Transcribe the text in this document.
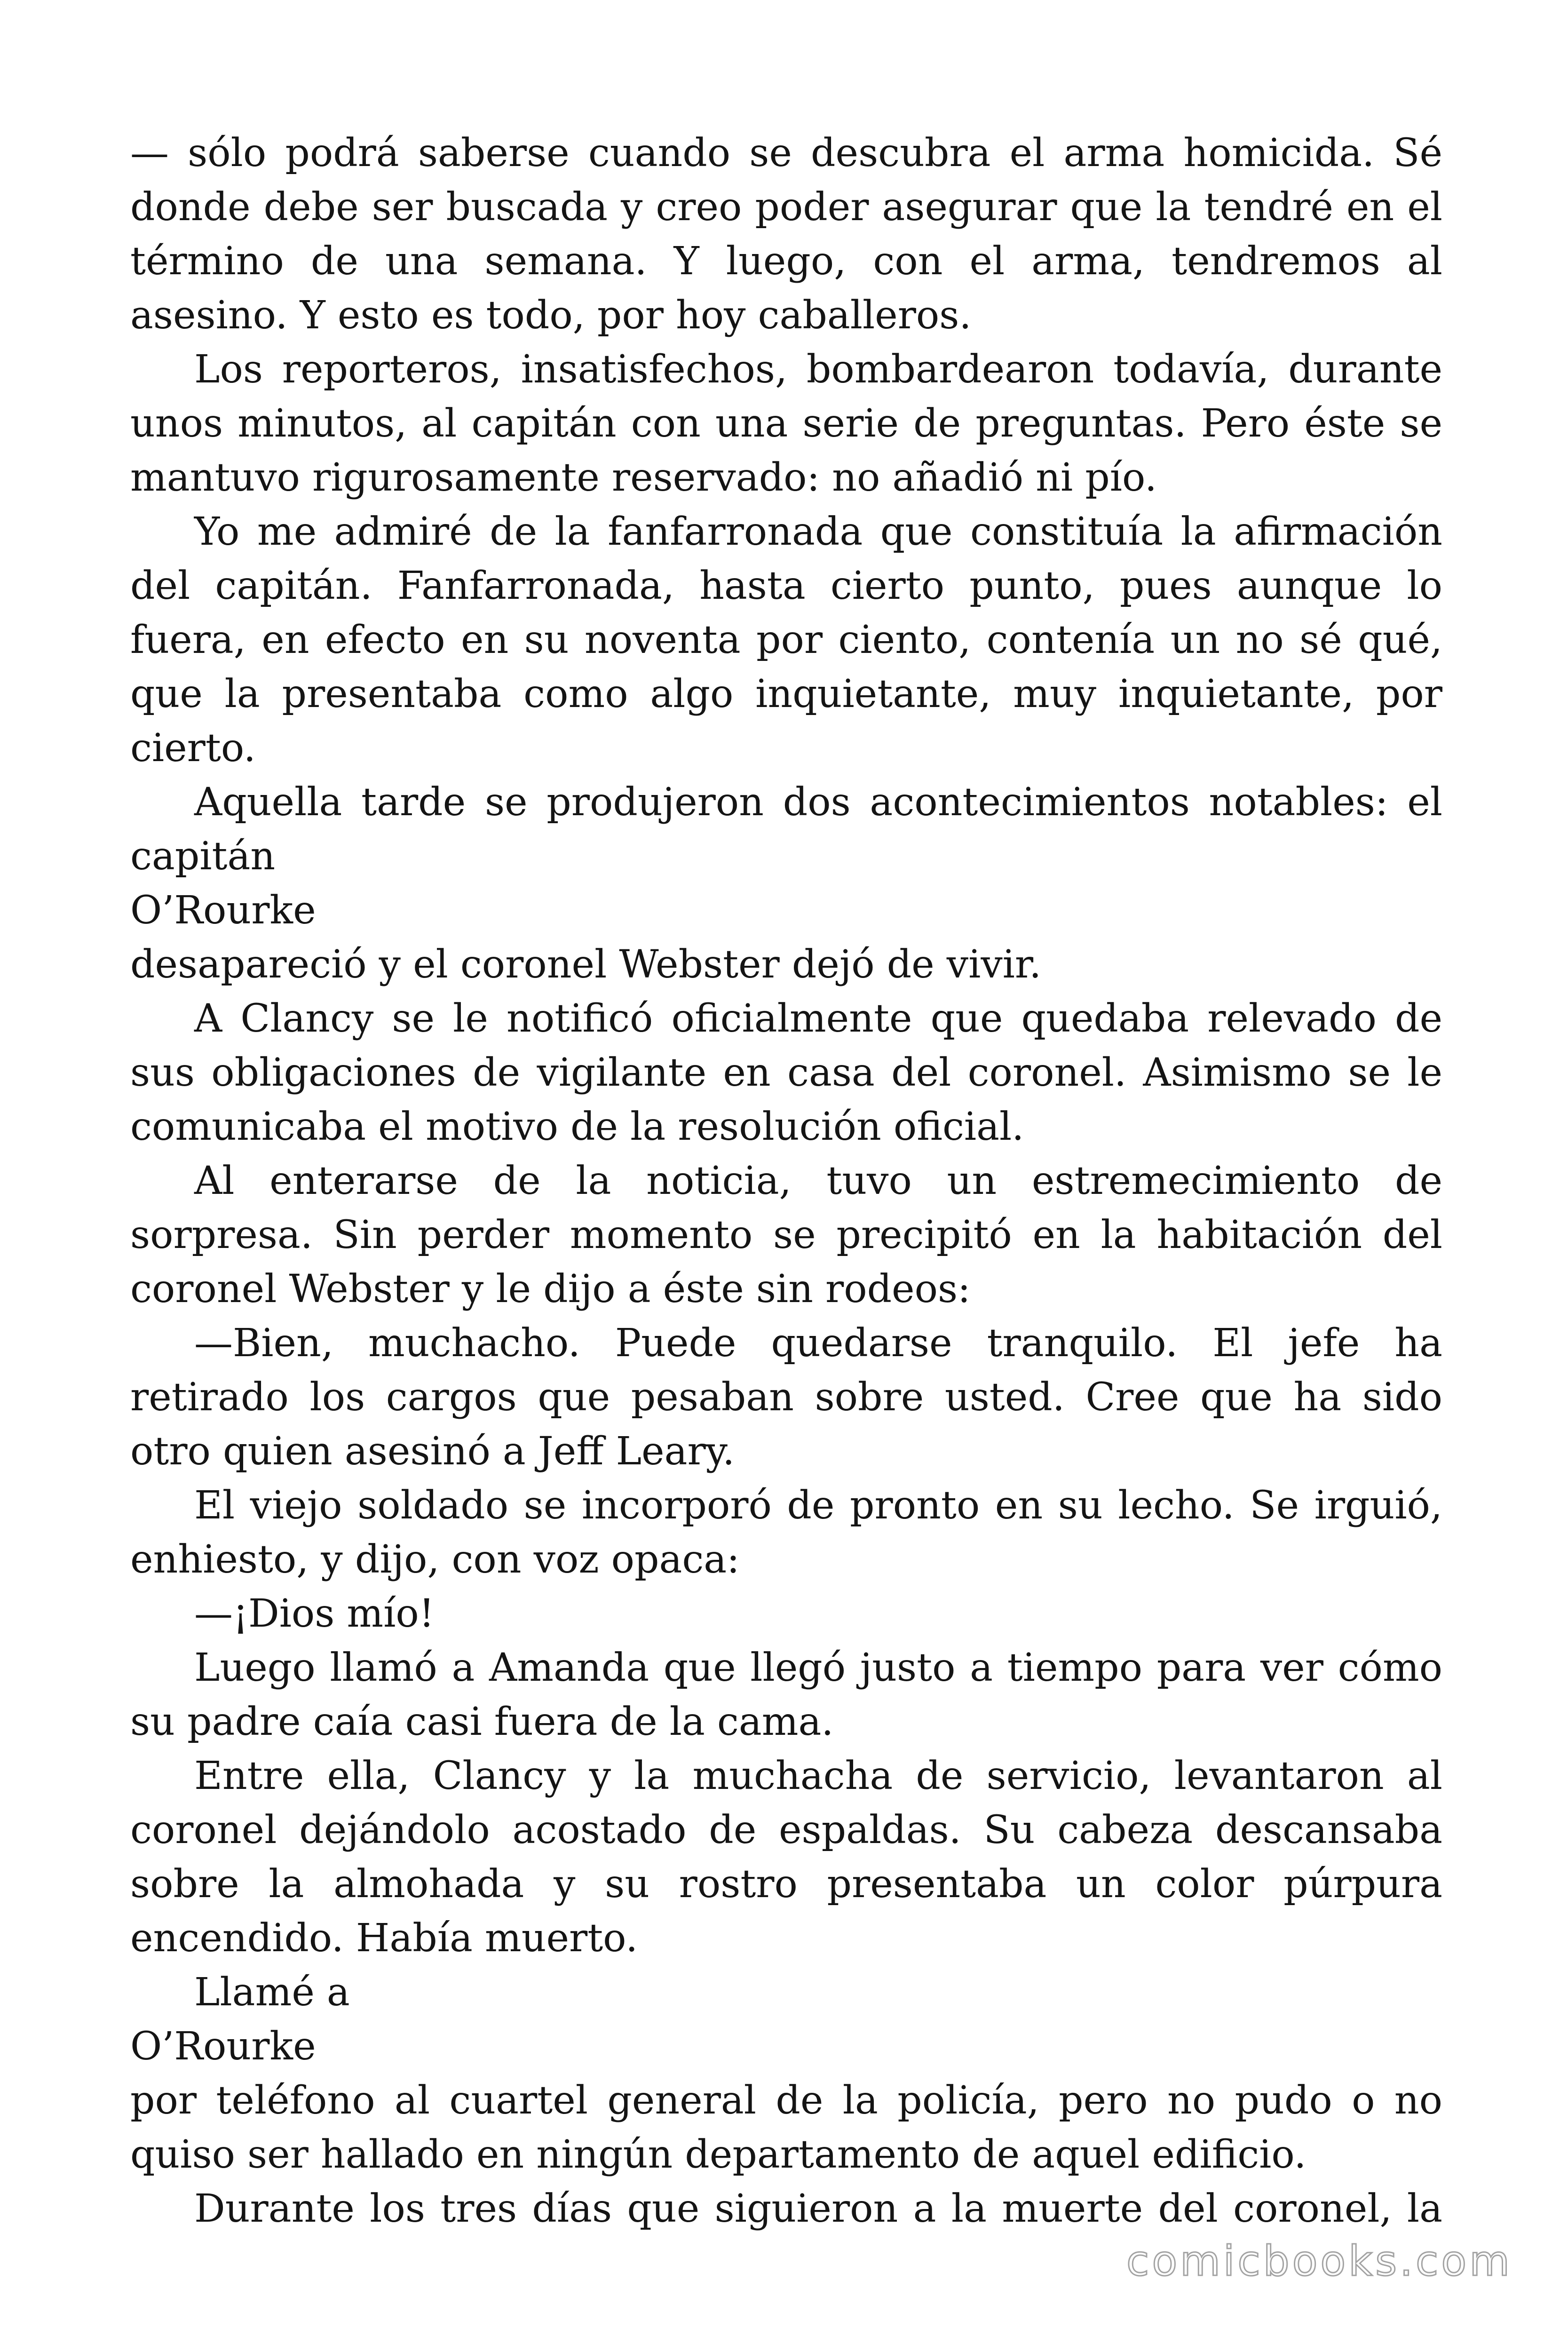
— sólo podrá saberse cuando se descubra el arma homicida. Sé donde debe ser buscada y creo poder asegurar que la tendré en el término de una semana. Y luego, con el arma, tendremos al asesino. Y esto es todo, por hoy caballeros.

Los reporteros, insatisfechos, bombardearon todavía, durante unos minutos, al capitán con una serie de preguntas. Pero éste se mantuvo rigurosamente reservado: no añadió ni pío.

Yo me admiré de la fanfarronada que constituía la afirmación del capitán. Fanfarronada, hasta cierto punto, pues aunque lo fuera, en efecto en su noventa por ciento, contenía un no sé qué, que la presentaba como algo inquietante, muy inquietante, por cierto.

Aquella tarde se produjeron dos acontecimientos notables: el

capitán

O’Rourke

desapareció y el coronel Webster dejó de vivir.

A Clancy se le notificó oficialmente que quedaba relevado de sus obligaciones de vigilante en casa del coronel. Asimismo se le comunicaba el motivo de la resolución oficial.

Al enterarse de la noticia, tuvo un estremecimiento de sorpresa. Sin perder momento se precipitó en la habitación del coronel Webster y le dijo a éste sin rodeos:

—Bien, muchacho. Puede quedarse tranquilo. El jefe ha retirado los cargos que pesaban sobre usted. Cree que ha sido otro quien asesinó a Jeff Leary.

El viejo soldado se incorporó de pronto en su lecho. Se irguió, enhiesto, y dijo, con voz opaca:

—¡Dios mío!

Luego llamó a Amanda que llegó justo a tiempo para ver cómo su padre caía casi fuera de la cama.

Entre ella, Clancy y la muchacha de servicio, levantaron al coronel dejándolo acostado de espaldas. Su cabeza descansaba sobre la almohada y su rostro presentaba un color púrpura encendido. Había muerto.

Llamé a

O’Rourke

por teléfono al cuartel general de la policía, pero no pudo o no quiso ser hallado en ningún departamento de aquel edificio.

Durante los tres días que siguieron a la muerte del coronel, la

comicbooks.com
